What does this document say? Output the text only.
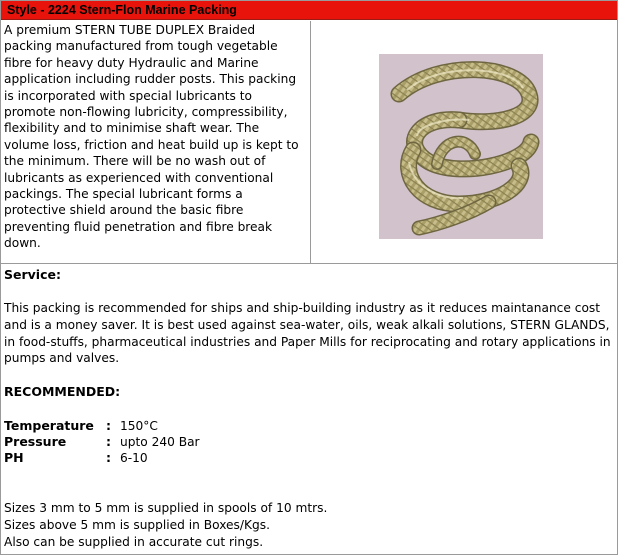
Style - 2224 Stern-Flon Marine Packing
A premium STERN TUBE DUPLEX Braided packing manufactured from tough vegetable fibre for heavy duty Hydraulic and Marine application including rudder posts. This packing is incorporated with special lubricants to promote non-flowing lubricity, compressibility, flexibility and to minimise shaft wear. The volume loss, friction and heat build up is kept to the minimum. There will be no wash out of lubricants as experienced with conventional packings. The special lubricant forms a protective shield around the basic fibre preventing fluid penetration and fibre break down.
Service:
This packing is recommended for ships and ship-building industry as it reduces maintanance cost and is a money saver. It is best used against sea-water, oils, weak alkali solutions, STERN GLANDS, in food-stuffs, pharmaceutical industries and Paper Mills for reciprocating and rotary applications in pumps and valves.
RECOMMENDED:
Temperature : 150°C
Pressure	: upto 240 Bar
PH	: 6-10
Sizes 3 mm to 5 mm is supplied in spools of 10 mtrs.
Sizes above 5 mm is supplied in Boxes/Kgs.
Also can be supplied in accurate cut rings.
